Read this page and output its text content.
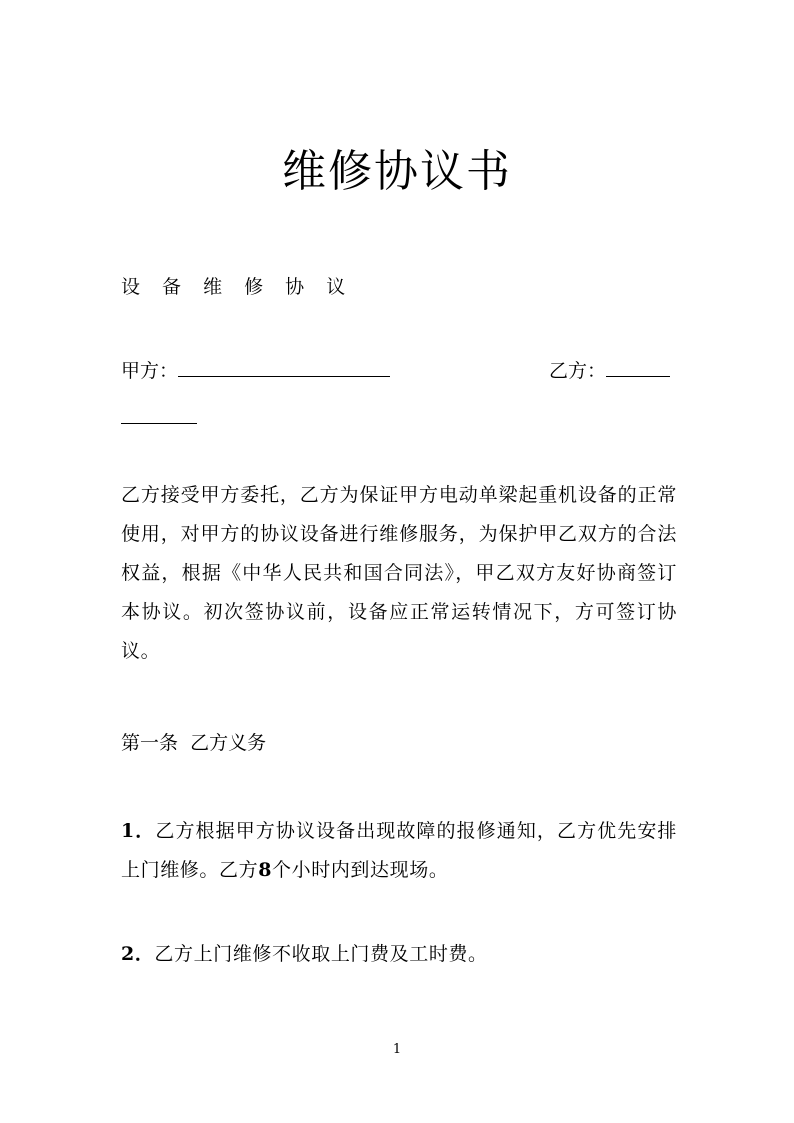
维修协议书
设 备 维 修 协 议
甲方：	乙方：
乙方接受甲方委托，乙方为保证甲方电动单梁起重机设备的正常使用，对甲方的协议设备进行维修服务，为保护甲乙双方的合法权益，根据《中华人民共和国合同法》，甲乙双方友好协商签订本协议。初次签协议前，设备应正常运转情况下，方可签订协议。
第一条  乙方义务
1．乙方根据甲方协议设备出现故障的报修通知，乙方优先安排上门维修。乙方8个小时内到达现场。
2．乙方上门维修不收取上门费及工时费。
1
